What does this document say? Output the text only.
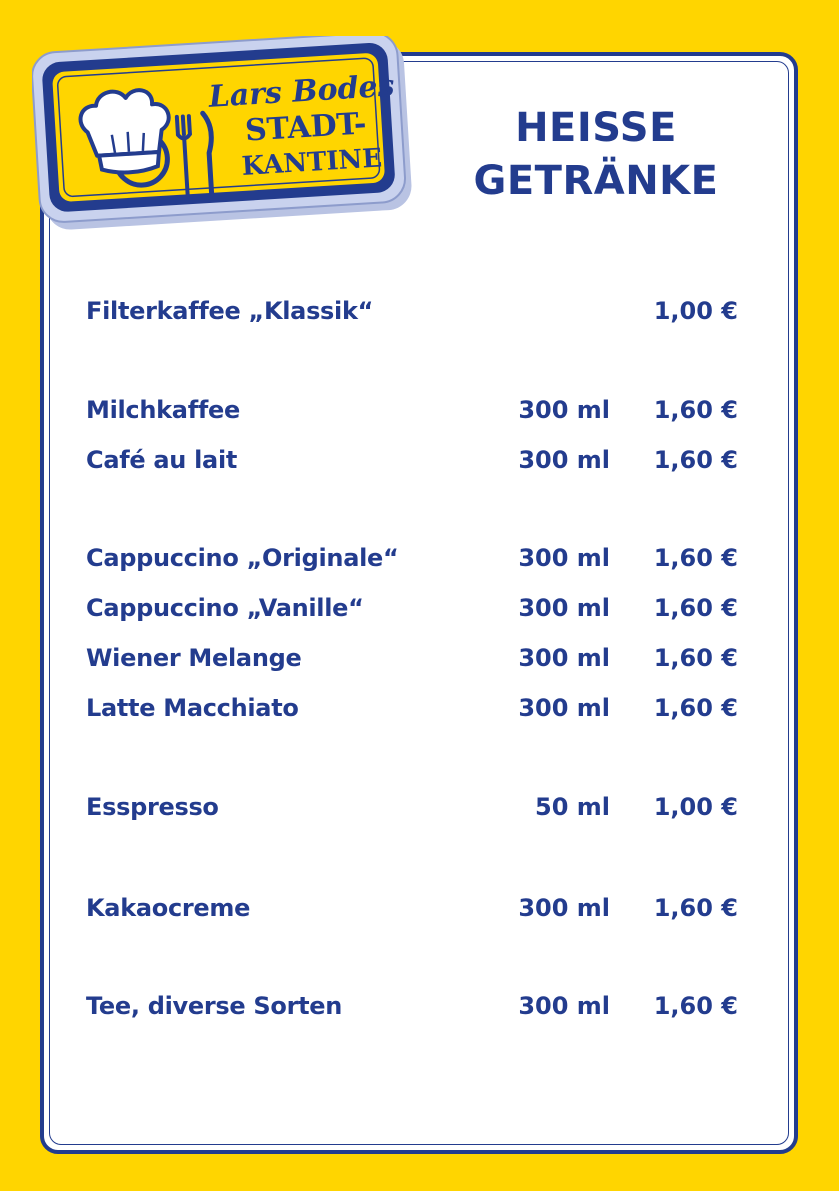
Lars Bodes
STADT-
KANTINE
HEISSE
GETRÄNKE
Filterkaffee „Klassik“	1,00 €
Milchkaffee	300 ml 1,60 €
Café au lait	300 ml 1,60 €
Cappuccino „Originale“	300 ml 1,60 €
Cappuccino „Vanille“	300 ml 1,60 €
Wiener Melange	300 ml 1,60 €
Latte Macchiato	300 ml 1,60 €
Esspresso	50 ml 1,00 €
Kakaocreme	300 ml 1,60 €
Tee, diverse Sorten	300 ml 1,60 €
